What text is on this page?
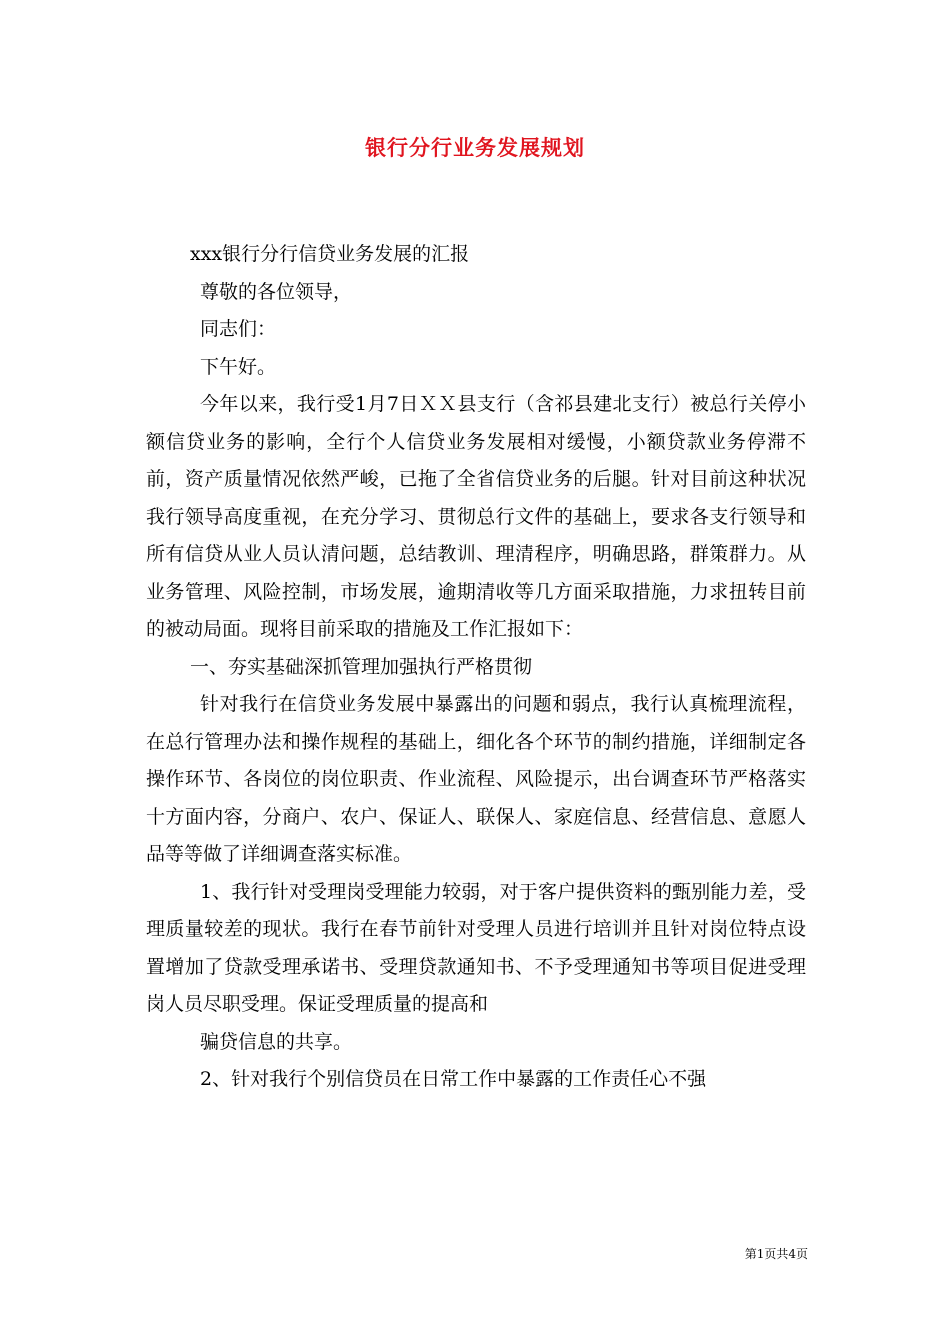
银行分行业务发展规划

xxx银行分行信贷业务发展的汇报

尊敬的各位领导，

同志们：

下午好。

今年以来，我行受1月7日ＸＸ县支行（含祁县建北支行）被总行关停小额信贷业务的影响，全行个人信贷业务发展相对缓慢，小额贷款业务停滞不前，资产质量情况依然严峻，已拖了全省信贷业务的后腿。针对目前这种状况我行领导高度重视，在充分学习、贯彻总行文件的基础上，要求各支行领导和所有信贷从业人员认清问题，总结教训、理清程序，明确思路，群策群力。从业务管理、风险控制，市场发展，逾期清收等几方面采取措施，力求扭转目前的被动局面。现将目前采取的措施及工作汇报如下：

一、夯实基础深抓管理加强执行严格贯彻

针对我行在信贷业务发展中暴露出的问题和弱点，我行认真梳理流程，在总行管理办法和操作规程的基础上，细化各个环节的制约措施，详细制定各操作环节、各岗位的岗位职责、作业流程、风险提示，出台调查环节严格落实十方面内容，分商户、农户、保证人、联保人、家庭信息、经营信息、意愿人品等等做了详细调查落实标准。

1、我行针对受理岗受理能力较弱，对于客户提供资料的甄别能力差，受理质量较差的现状。我行在春节前针对受理人员进行培训并且针对岗位特点设置增加了贷款受理承诺书、受理贷款通知书、不予受理通知书等项目促进受理岗人员尽职受理。保证受理质量的提高和

骗贷信息的共享。

2、针对我行个别信贷员在日常工作中暴露的工作责任心不强

第1页共4页
